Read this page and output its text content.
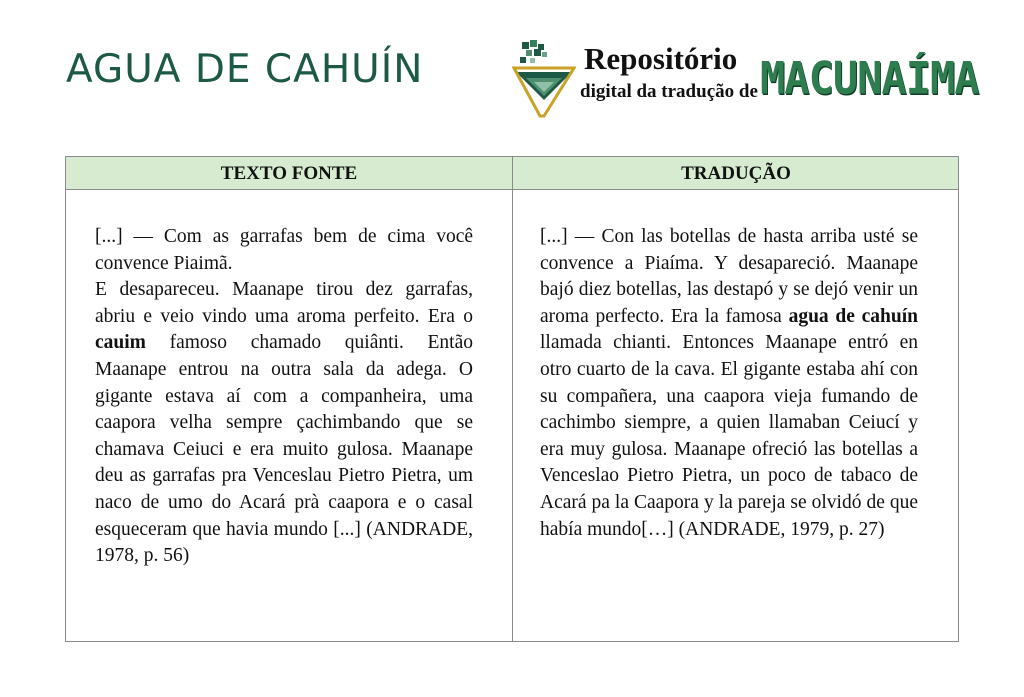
AGUA DE CAHUÍN	Repositório
digital da tradução de MACUNAÍMA
TEXTO FONTE	TRADUÇÃO
[...] — Com as garrafas bem de cima você convence Piaimã.
E desapareceu. Maanape tirou dez garrafas, abriu e veio vindo uma aroma perfeito. Era o cauim famoso chamado quiânti. Então Maanape entrou na outra sala da adega. O gigante estava aí com a companheira, uma caapora velha sempre çachimbando que se chamava Ceiuci e era muito gulosa. Maanape deu as garrafas pra Venceslau Pietro Pietra, um naco de umo do Acará prà caapora e o casal esqueceram que havia mundo [...] (ANDRADE, 1978, p. 56)
[...] — Con las botellas de hasta arriba usté se convence a Piaíma. Y desapareció. Maanape bajó diez botellas, las destapó y se dejó venir un aroma perfecto. Era la famosa agua de cahuín llamada chianti. Entonces Maanape entró en otro cuarto de la cava. El gigante estaba ahí con su compañera, una caapora vieja fumando de cachimbo siempre, a quien llamaban Ceiucí y era muy gulosa. Maanape ofreció las botellas a Venceslao Pietro Pietra, un poco de tabaco de Acará pa la Caapora y la pareja se olvidó de que había mundo[…] (ANDRADE, 1979, p. 27)
